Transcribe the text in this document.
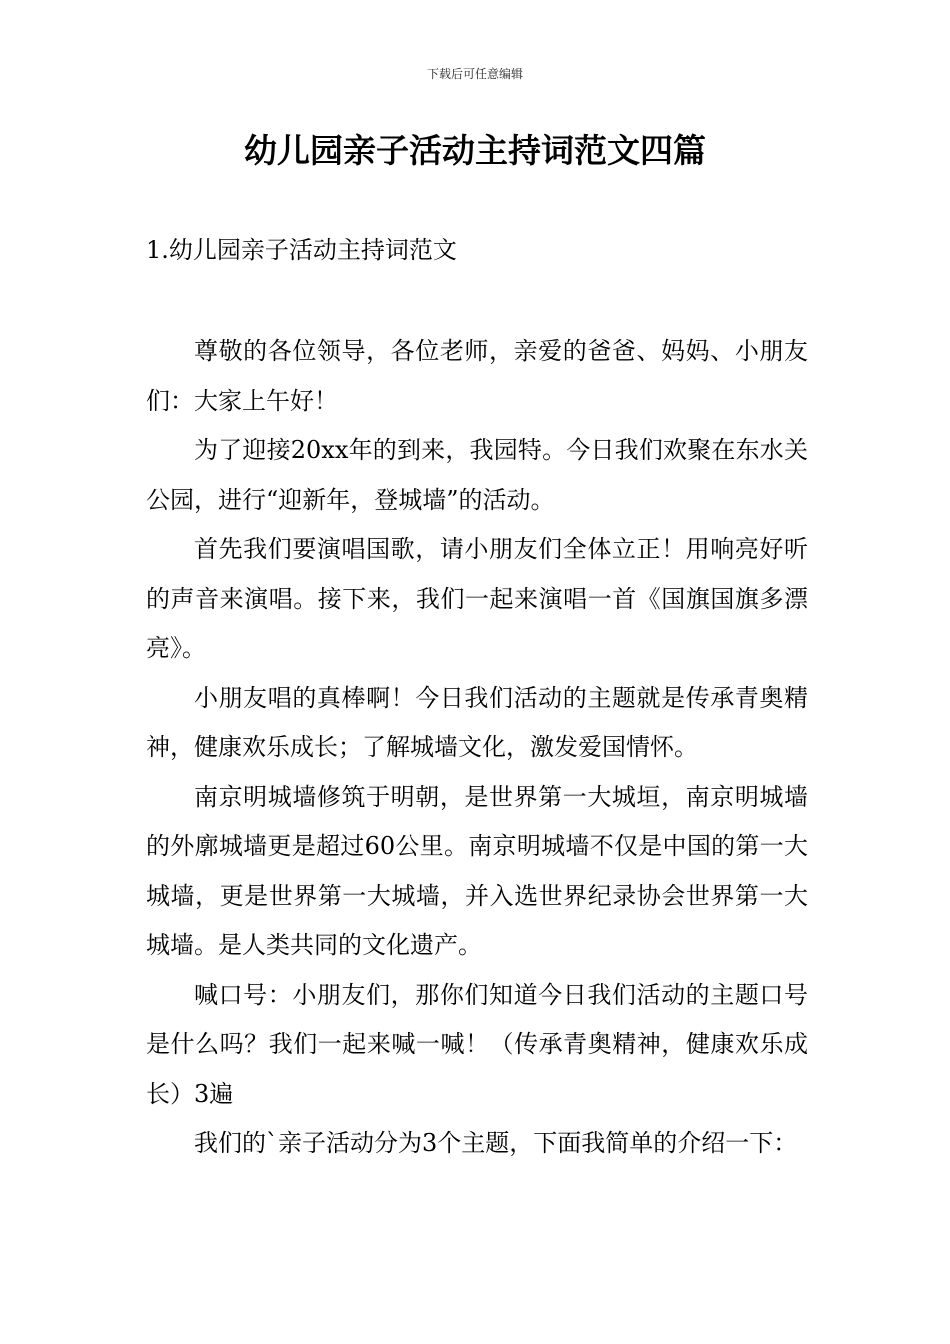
下载后可任意编辑
幼儿园亲子活动主持词范文四篇
1.幼儿园亲子活动主持词范文

尊敬的各位领导，各位老师，亲爱的爸爸、妈妈、小朋友们：大家上午好！

为了迎接20xx年的到来，我园特。今日我们欢聚在东水关公园，进行“迎新年，登城墙”的活动。

首先我们要演唱国歌，请小朋友们全体立正！用响亮好听的声音来演唱。接下来，我们一起来演唱一首《国旗国旗多漂亮》。

小朋友唱的真棒啊！今日我们活动的主题就是传承青奥精神，健康欢乐成长；了解城墙文化，激发爱国情怀。

南京明城墙修筑于明朝，是世界第一大城垣，南京明城墙的外廓城墙更是超过60公里。南京明城墙不仅是中国的第一大城墙，更是世界第一大城墙，并入选世界纪录协会世界第一大城墙。是人类共同的文化遗产。

喊口号：小朋友们，那你们知道今日我们活动的主题口号是什么吗？我们一起来喊一喊！（传承青奥精神，健康欢乐成长）3遍

我们的`亲子活动分为3个主题，下面我简单的介绍一下：
